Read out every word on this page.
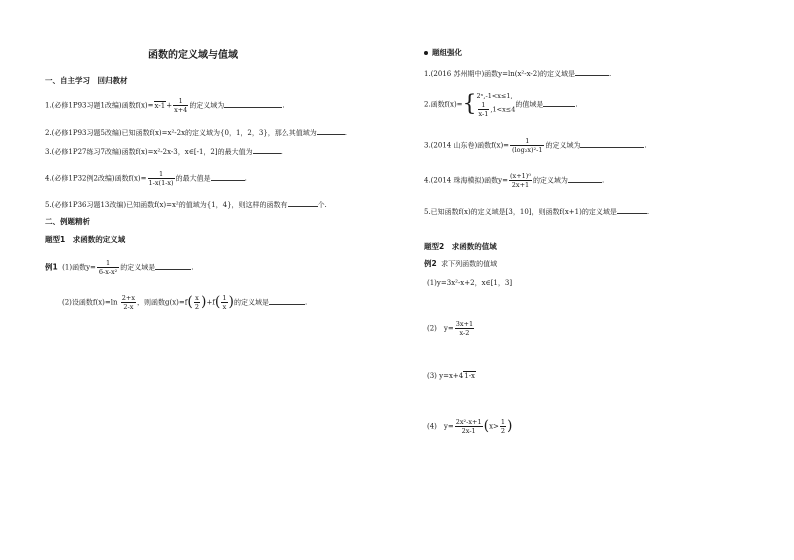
函数的定义域与值域
一、自主学习　回归教材
1.(必修1P93习题1改编)函数$f(x)=x-1+ \frac{1}{x+4}$ 的定义域为	.
2.(必修1P93习题5改编)已知函数f(x)=x²-2x的定义域为{0，1，2，3}，那么其值域为	.
3.(必修1P27练习7改编)函数f(x)=x²-2x-3，x∈[-1，2]的最大值为	.
4.(必修1P32例2改编)函数$f(x)= \frac{1}{1-x(1-x)}$ 的最大值是	.
5.(必修1P36习题13改编)已知函数f(x)=x²的值域为{1，4}，则这样的函数有	个.
二、例题精析
题型1　求函数的定义域
例1 (1)函数$y= \frac{1}{\text{6-x-x²}}$ 的定义域是	.
(2)设函数$f(x)=\ln \frac{2+x}{2-x}$ ，则函数$g(x)=f( \frac{x}{2} )+f( \frac{1}{x}$ )的定义域是	.
题组强化
1.(2016 苏州期中)函数y=ln(x²-x-2)的定义域是	.
2.函数f(x)={ 2ˣ,-1<x≤1,
$\frac{1}{x-1} ,1<x\le 4$
的值域是	.
3.(2014 山东卷)函数$f(x)= \frac{1}{\text{(log₂x)²-1}}$ 的定义域为	.
4.(2014 珠海模拟)函数$y= \frac{\text{(x+1)⁰}}{2x+1}$ 的定义域为	.
5.已知函数f(x)的定义域是[3，10]，则函数f(x+1)的定义域是	.
题型2　求函数的值域
例2 求下列函数的值域
(1)y=3x²-x+2，x∈[1，3]
(2)　$y= \frac{3x+1}{x-2}$
(3) y=x+41-x
(4)　$y= \frac{\text{2x²-x+1}}{2x-1} (x> \frac{1}{2}$ )
